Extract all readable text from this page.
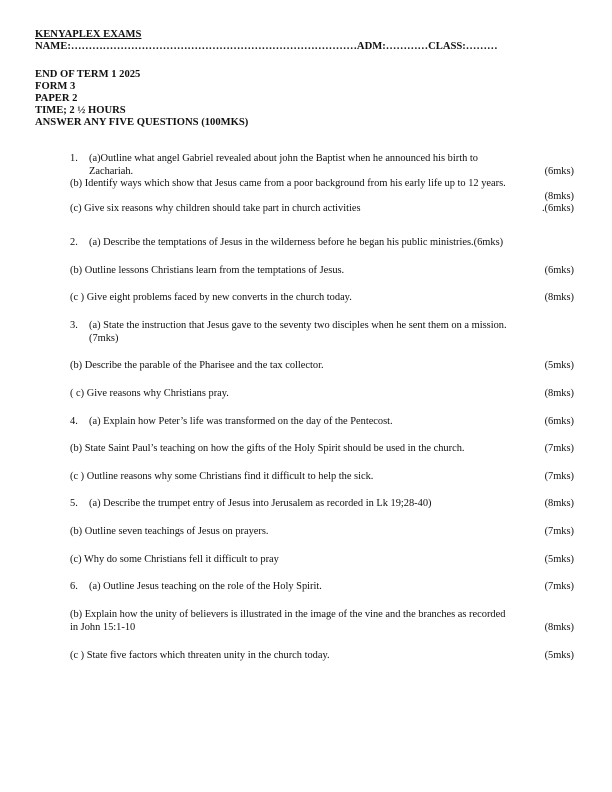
KENYAPLEX EXAMS
NAME:………………………………………………………………………ADM:…………CLASS:………
END OF TERM 1 2025
FORM 3
PAPER 2
TIME; 2 ½ HOURS
ANSWER ANY FIVE QUESTIONS (100MKS)
1.	(a)Outline what angel Gabriel revealed about john the Baptist when he announced his birth to
Zachariah.	(6mks)
(b) Identify ways which show that Jesus came from a poor background from his early life up to 12 years.
(8mks)
(c) Give six reasons why children should take part in church activities	.(6mks)
2.	(a) Describe the temptations of Jesus in the wilderness before he began his public ministries.(6mks)
(b) Outline lessons Christians learn from the temptations of Jesus.	(6mks)
(c ) Give eight problems faced by new converts in the church today.	(8mks)
3.	(a) State the instruction that Jesus gave to the seventy two disciples when he sent them on a mission.
(7mks)
(b) Describe the parable of the Pharisee and the tax collector.	(5mks)
( c) Give reasons why Christians pray.	(8mks)
4.	(a) Explain how Peter’s life was transformed on the day of the Pentecost.	(6mks)
(b) State Saint Paul’s teaching on how the gifts of the Holy Spirit should be used in the church.	(7mks)
(c ) Outline reasons why some Christians find it difficult to help the sick.	(7mks)
5.	(a) Describe the trumpet entry of Jesus into Jerusalem as recorded in Lk 19;28-40)	(8mks)
(b) Outline seven teachings of Jesus on prayers.	(7mks)
(c) Why do some Christians fell it difficult to pray	(5mks)
6.	(a) Outline Jesus teaching on the role of the Holy Spirit.	(7mks)
(b) Explain how the unity of believers is illustrated in the image of the vine and the branches as recorded
in John 15:1-10	(8mks)
(c ) State five factors which threaten unity in the church today.	(5mks)
